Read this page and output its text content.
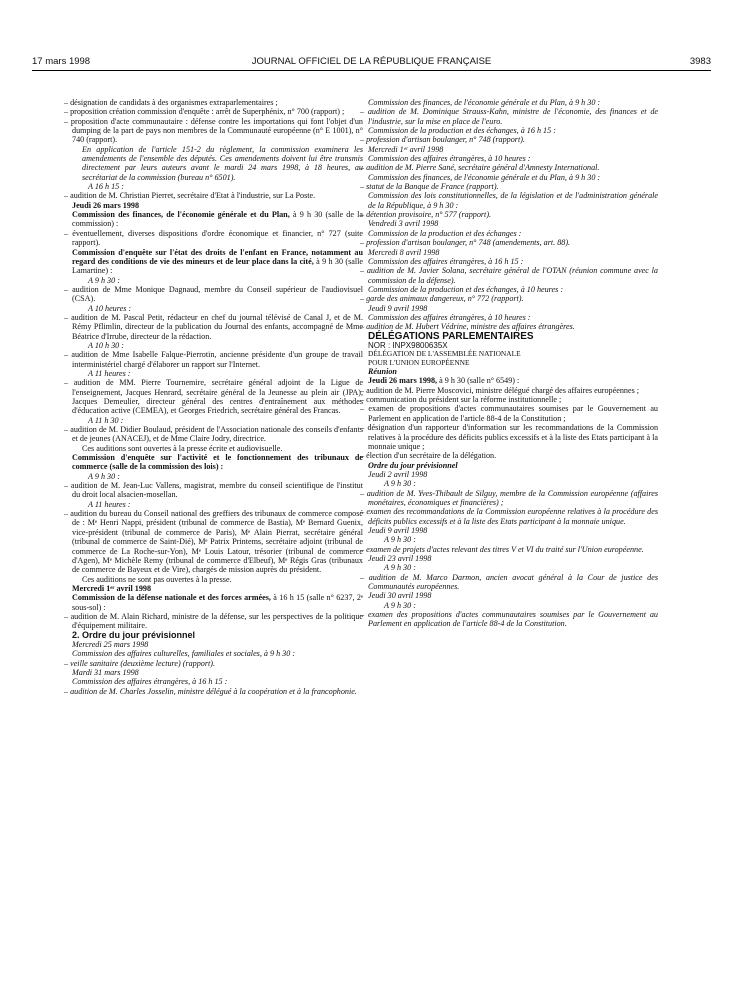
17 mars 1998	JOURNAL OFFICIEL DE LA RÉPUBLIQUE FRANÇAISE	3983

– désignation de candidats à des organismes extraparlementaires ;

– proposition création commission d'enquête : arrêt de Superphénix, n° 700 (rapport) ;

– proposition d'acte communautaire : défense contre les importations qui font l'objet d'un dumping de la part de pays non membres de la Communauté européenne (n° E 1001), n° 740 (rapport).

En application de l'article 151-2 du règlement, la commission examinera les amendements de l'ensemble des députés. Ces amendements doivent lui être transmis directement par leurs auteurs avant le mardi 24 mars 1998, à 18 heures, au secrétariat de la commission (bureau n° 6501).

A 16 h 15 :

– audition de M. Christian Pierret, secrétaire d'Etat à l'industrie, sur La Poste.

Jeudi 26 mars 1998

Commission des finances, de l'économie générale et du Plan, à 9 h 30 (salle de la commission) :

– éventuellement, diverses dispositions d'ordre économique et financier, n° 727 (suite rapport).

Commission d'enquête sur l'état des droits de l'enfant en France, notamment au regard des conditions de vie des mineurs et de leur place dans la cité, à 9 h 30 (salle Lamartine) :

A 9 h 30 :

– audition de Mme Monique Dagnaud, membre du Conseil supérieur de l'audiovisuel (CSA).

A 10 heures :

– audition de M. Pascal Petit, rédacteur en chef du journal télévisé de Canal J, et de M. Rémy Pflimlin, directeur de la publication du Journal des enfants, accompagné de Mme Béatrice d'Irrube, directeur de la rédaction.

A 10 h 30 :

– audition de Mme Isabelle Falque-Pierrotin, ancienne présidente d'un groupe de travail interministériel chargé d'élaborer un rapport sur l'Internet.

A 11 heures :

– audition de MM. Pierre Tournemire, secrétaire général adjoint de la Ligue de l'enseignement, Jacques Henrard, secrétaire général de la Jeunesse au plein air (JPA), Jacques Demeulier, directeur général des centres d'entraînement aux méthodes d'éducation active (CEMEA), et Georges Friedrich, secrétaire général des Francas.

A 11 h 30 :

– audition de M. Didier Boulaud, président de l'Association nationale des conseils d'enfants et de jeunes (ANACEJ), et de Mme Claire Jodry, directrice.

Ces auditions sont ouvertes à la presse écrite et audiovisuelle.

Commission d'enquête sur l'activité et le fonctionnement des tribunaux de commerce (salle de la commission des lois) :

A 9 h 30 :

– audition de M. Jean-Luc Vallens, magistrat, membre du conseil scientifique de l'institut du droit local alsacien-mosellan.

A 11 heures :

– audition du bureau du Conseil national des greffiers des tribunaux de commerce composé de : Mᵉ Henri Nappi, président (tribunal de commerce de Bastia), Mᵉ Bernard Guenix, vice-président (tribunal de commerce de Paris), Mᵉ Alain Pierrat, secrétaire général (tribunal de commerce de Saint-Dié), Mᵉ Patrix Printems, secrétaire adjoint (tribunal de commerce de La Roche-sur-Yon), Mᵉ Louis Latour, trésorier (tribunal de commerce d'Agen), Mᵉ Michèle Remy (tribunal de commerce d'Elbeuf), Mᵉ Régis Gras (tribunaux de commerce de Bayeux et de Vire), chargés de mission auprès du président.

Ces auditions ne sont pas ouvertes à la presse.

Mercredi 1ᵉʳ avril 1998

Commission de la défense nationale et des forces armées, à 16 h 15 (salle n° 6237, 2ᵉ sous-sol) :

– audition de M. Alain Richard, ministre de la défense, sur les perspectives de la politique d'équipement militaire.

2. Ordre du jour prévisionnel

Mercredi 25 mars 1998

Commission des affaires culturelles, familiales et sociales, à 9 h 30 :

– veille sanitaire (deuxième lecture) (rapport).

Mardi 31 mars 1998

Commission des affaires étrangères, à 16 h 15 :

– audition de M. Charles Josselin, ministre délégué à la coopération et à la francophonie.

Commission des finances, de l'économie générale et du Plan, à 9 h 30 :

– audition de M. Dominique Strauss-Kahn, ministre de l'économie, des finances et de l'industrie, sur la mise en place de l'euro.

Commission de la production et des échanges, à 16 h 15 :

– profession d'artisan boulanger, n° 748 (rapport).

Mercredi 1ᵉʳ avril 1998

Commission des affaires étrangères, à 10 heures :

– audition de M. Pierre Sané, secrétaire général d'Amnesty International.

Commission des finances, de l'économie générale et du Plan, à 9 h 30 :

– statut de la Banque de France (rapport).

Commission des lois constitutionnelles, de la législation et de l'administration générale de la République, à 9 h 30 :

– détention provisoire, n° 577 (rapport).

Vendredi 3 avril 1998

Commission de la production et des échanges :

– profession d'artisan boulanger, n° 748 (amendements, art. 88).

Mercredi 8 avril 1998

Commission des affaires étrangères, à 16 h 15 :

– audition de M. Javier Solana, secrétaire général de l'OTAN (réunion commune avec la commission de la défense).

Commission de la production et des échanges, à 10 heures :

– garde des animaux dangereux, n° 772 (rapport).

Jeudi 9 avril 1998

Commission des affaires étrangères, à 10 heures :

– audition de M. Hubert Védrine, ministre des affaires étrangères.

DÉLÉGATIONS PARLEMENTAIRES

NOR : INPX9800635X

DÉLÉGATION DE L'ASSEMBLÉE NATIONALE

POUR L'UNION EUROPÉENNE

Réunion

Jeudi 26 mars 1998, à 9 h 30 (salle n° 6549) :

– audition de M. Pierre Moscovici, ministre délégué chargé des affaires européennes ;

– communication du président sur la réforme institutionnelle ;

– examen de propositions d'actes communautaires soumises par le Gouvernement au Parlement en application de l'article 88-4 de la Constitution ;

– désignation d'un rapporteur d'information sur les recommandations de la Commission relatives à la procédure des déficits publics excessifs et à la liste des Etats participant à la monnaie unique ;

– élection d'un secrétaire de la délégation.

Ordre du jour prévisionnel

Jeudi 2 avril 1998

A 9 h 30 :

– audition de M. Yves-Thibault de Silguy, membre de la Commission européenne (affaires monétaires, économiques et financières) ;

– examen des recommandations de la Commission européenne relatives à la procédure des déficits publics excessifs et à la liste des Etats participant à la monnaie unique.

Jeudi 9 avril 1998

A 9 h 30 :

– examen de projets d'actes relevant des titres V et VI du traité sur l'Union européenne.

Jeudi 23 avril 1998

A 9 h 30 :

– audition de M. Marco Darmon, ancien avocat général à la Cour de justice des Communautés européennes.

Jeudi 30 avril 1998

A 9 h 30 :

– examen des propositions d'actes communautaires soumises par le Gouvernement au Parlement en application de l'article 88-4 de la Constitution.
